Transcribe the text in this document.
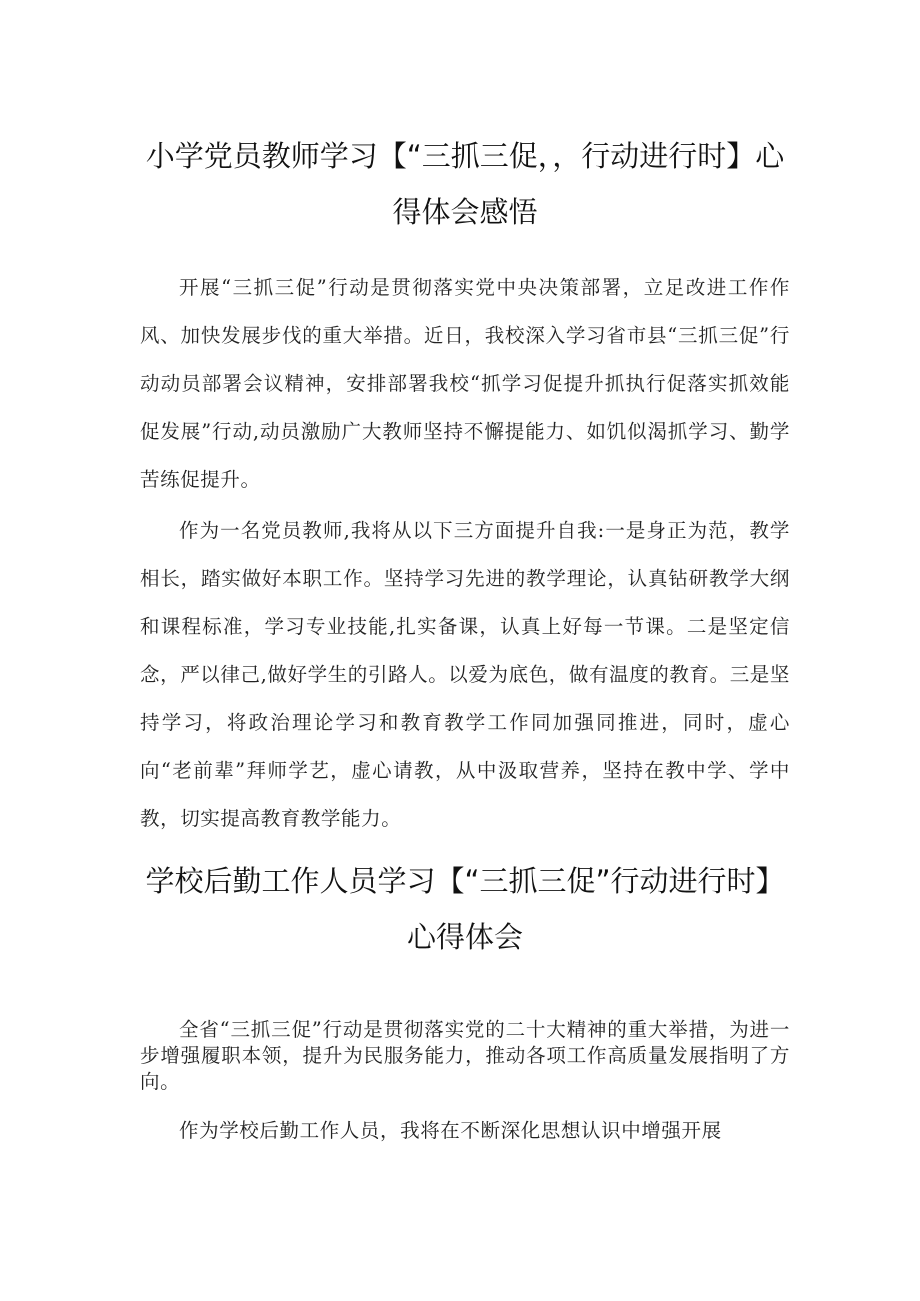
小学党员教师学习【“三抓三促，，行动进行时】心得体会感悟

开展“三抓三促”行动是贯彻落实党中央决策部署，立足改进工作作风、加快发展步伐的重大举措。近日，我校深入学习省市县“三抓三促”行动动员部署会议精神，安排部署我校“抓学习促提升抓执行促落实抓效能促发展”行动,动员激励广大教师坚持不懈提能力、如饥似渴抓学习、勤学苦练促提升。

作为一名党员教师,我将从以下三方面提升自我:一是身正为范，教学相长，踏实做好本职工作。坚持学习先进的教学理论，认真钻研教学大纲和课程标准，学习专业技能,扎实备课，认真上好每一节课。二是坚定信念，严以律己,做好学生的引路人。以爱为底色，做有温度的教育。三是坚持学习，将政治理论学习和教育教学工作同加强同推进，同时，虚心向“老前辈”拜师学艺，虚心请教，从中汲取营养，坚持在教中学、学中教，切实提高教育教学能力。

学校后勤工作人员学习【“三抓三促”行动进行时】心得体会

全省“三抓三促”行动是贯彻落实党的二十大精神的重大举措，为进一步增强履职本领，提升为民服务能力，推动各项工作高质量发展指明了方向。

作为学校后勤工作人员，我将在不断深化思想认识中增强开展
